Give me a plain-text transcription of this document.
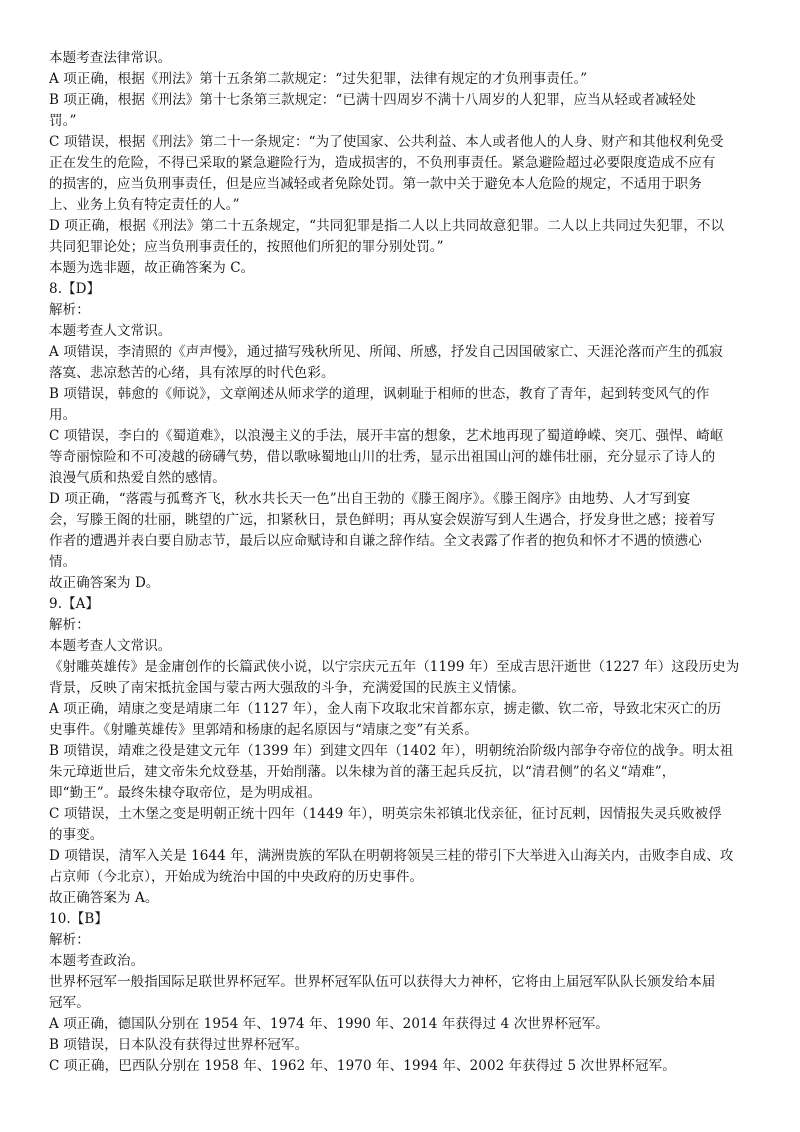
本题考查法律常识。
A 项正确，根据《刑法》第十五条第二款规定：“过失犯罪，法律有规定的才负刑事责任。”
B 项正确，根据《刑法》第十七条第三款规定：“已满十四周岁不满十八周岁的人犯罪，应当从轻或者减轻处
罚。”
C 项错误，根据《刑法》第二十一条规定：“为了使国家、公共利益、本人或者他人的人身、财产和其他权利免受
正在发生的危险，不得已采取的紧急避险行为，造成损害的，不负刑事责任。紧急避险超过必要限度造成不应有
的损害的，应当负刑事责任，但是应当减轻或者免除处罚。第一款中关于避免本人危险的规定，不适用于职务
上、业务上负有特定责任的人。”
D 项正确，根据《刑法》第二十五条规定，“共同犯罪是指二人以上共同故意犯罪。二人以上共同过失犯罪，不以
共同犯罪论处；应当负刑事责任的，按照他们所犯的罪分别处罚。”
本题为选非题，故正确答案为 C。
8.【D】
解析：
本题考查人文常识。
A 项错误，李清照的《声声慢》，通过描写残秋所见、所闻、所感，抒发自己因国破家亡、天涯沦落而产生的孤寂
落寞、悲凉愁苦的心绪，具有浓厚的时代色彩。
B 项错误，韩愈的《师说》，文章阐述从师求学的道理，讽刺耻于相师的世态，教育了青年，起到转变风气的作
用。
C 项错误，李白的《蜀道难》，以浪漫主义的手法，展开丰富的想象，艺术地再现了蜀道峥嵘、突兀、强悍、崎岖
等奇丽惊险和不可凌越的磅礴气势，借以歌咏蜀地山川的壮秀，显示出祖国山河的雄伟壮丽，充分显示了诗人的
浪漫气质和热爱自然的感情。
D 项正确，“落霞与孤鹜齐飞，秋水共长天一色”出自王勃的《滕王阁序》。《滕王阁序》由地势、人才写到宴
会，写滕王阁的壮丽，眺望的广远，扣紧秋日，景色鲜明；再从宴会娱游写到人生遇合，抒发身世之感；接着写
作者的遭遇并表白要自励志节，最后以应命赋诗和自谦之辞作结。全文表露了作者的抱负和怀才不遇的愤懑心
情。
故正确答案为 D。
9.【A】
解析：
本题考查人文常识。
《射雕英雄传》是金庸创作的长篇武侠小说，以宁宗庆元五年（1199 年）至成吉思汗逝世（1227 年）这段历史为
背景，反映了南宋抵抗金国与蒙古两大强敌的斗争，充满爱国的民族主义情愫。
A 项正确，靖康之变是靖康二年（1127 年），金人南下攻取北宋首都东京，掳走徽、钦二帝，导致北宋灭亡的历
史事件。《射雕英雄传》里郭靖和杨康的起名原因与“靖康之变”有关系。
B 项错误，靖难之役是建文元年（1399 年）到建文四年（1402 年），明朝统治阶级内部争夺帝位的战争。明太祖
朱元璋逝世后，建文帝朱允炆登基，开始削藩。以朱棣为首的藩王起兵反抗，以“清君侧”的名义“靖难”，
即“勤王”。最终朱棣夺取帝位，是为明成祖。
C 项错误，土木堡之变是明朝正统十四年（1449 年），明英宗朱祁镇北伐亲征，征讨瓦剌，因情报失灵兵败被俘
的事变。
D 项错误，清军入关是 1644 年，满洲贵族的军队在明朝将领吴三桂的带引下大举进入山海关内，击败李自成、攻
占京师（今北京），开始成为统治中国的中央政府的历史事件。
故正确答案为 A。
10.【B】
解析：
本题考查政治。
世界杯冠军一般指国际足联世界杯冠军。世界杯冠军队伍可以获得大力神杯，它将由上届冠军队队长颁发给本届
冠军。
A 项正确，德国队分别在 1954 年、1974 年、1990 年、2014 年获得过 4 次世界杯冠军。
B 项错误，日本队没有获得过世界杯冠军。
C 项正确，巴西队分别在 1958 年、1962 年、1970 年、1994 年、2002 年获得过 5 次世界杯冠军。
